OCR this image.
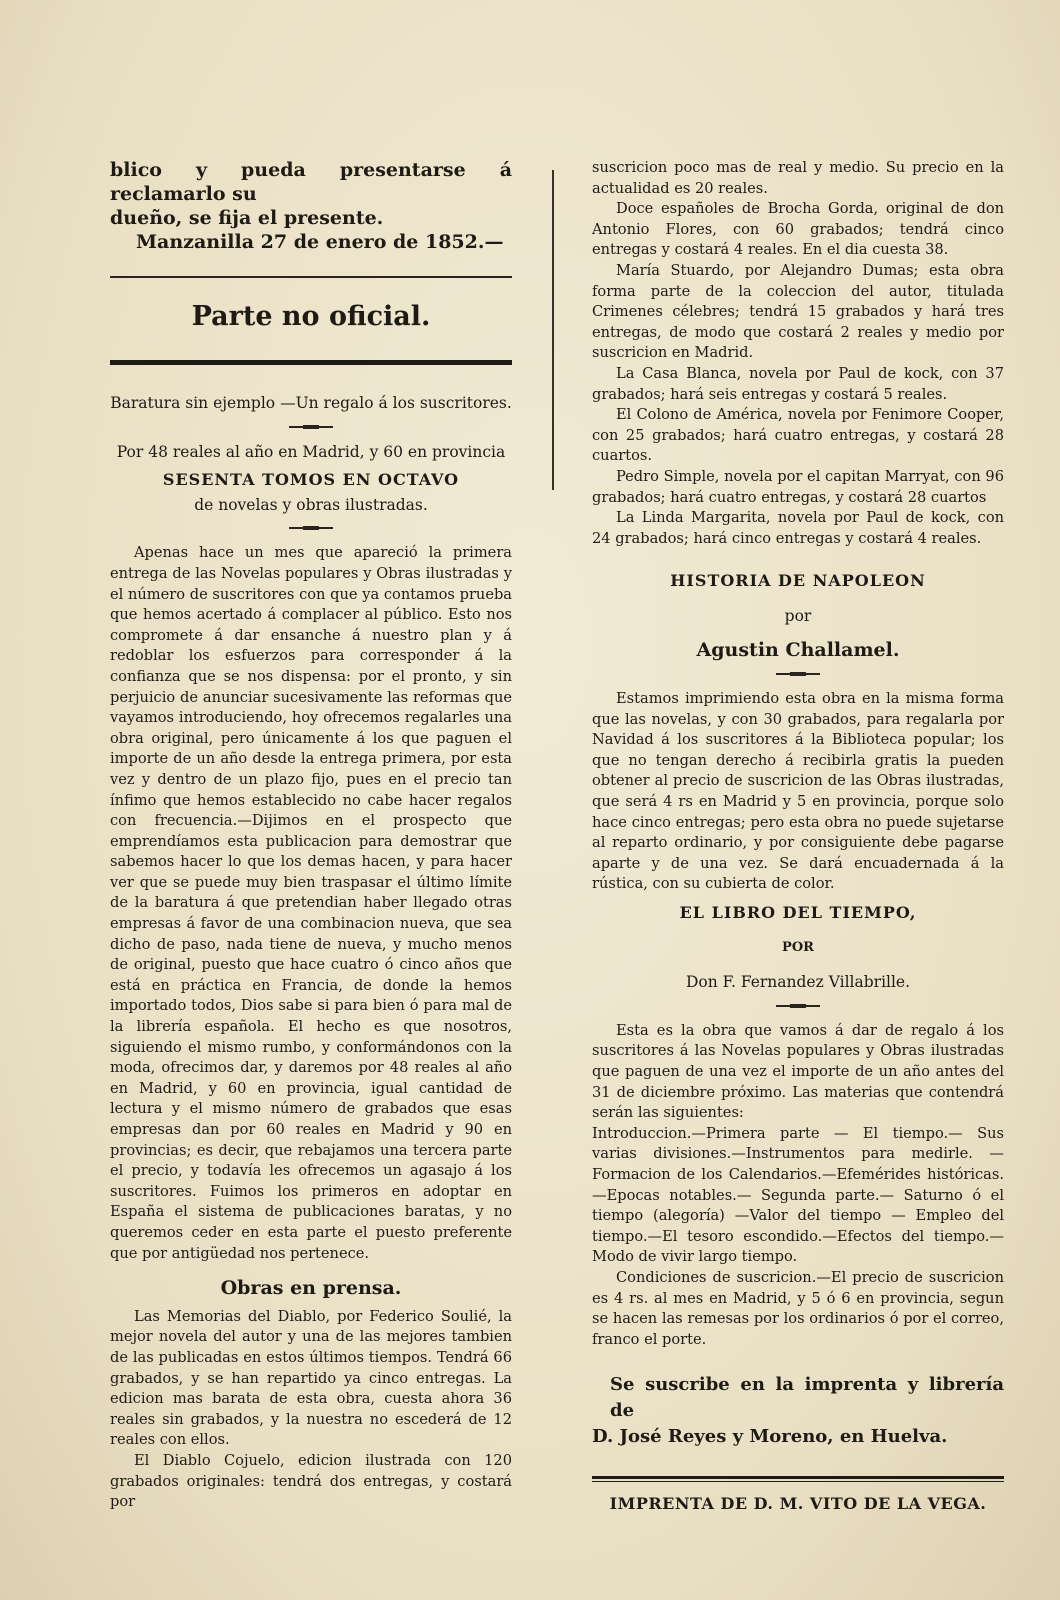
blico y pueda presentarse á reclamarlo su
dueño, se fija el presente.
Manzanilla 27 de enero de 1852.—
Parte no oficial.
Baratura sin ejemplo —Un regalo á los suscritores.
Por 48 reales al año en Madrid, y 60 en provincia
SESENTA TOMOS EN OCTAVO
de novelas y obras ilustradas.

Apenas hace un mes que apareció la primera entrega de las Novelas populares y Obras ilustradas y el número de suscritores con que ya contamos prueba que hemos acertado á complacer al público. Esto nos compromete á dar ensanche á nuestro plan y á redoblar los esfuerzos para corresponder á la confianza que se nos dispensa: por el pronto, y sin perjuicio de anunciar sucesivamente las reformas que vayamos introduciendo, hoy ofrecemos regalarles una obra original, pero únicamente á los que paguen el importe de un año desde la entrega primera, por esta vez y dentro de un plazo fijo, pues en el precio tan ínfimo que hemos establecido no cabe hacer regalos con frecuencia.—Dijimos en el prospecto que emprendíamos esta publicacion para demostrar que sabemos hacer lo que los demas hacen, y para hacer ver que se puede muy bien traspasar el último límite de la baratura á que pretendian haber llegado otras empresas á favor de una combinacion nueva, que sea dicho de paso, nada tiene de nueva, y mucho menos de original, puesto que hace cuatro ó cinco años que está en práctica en Francia, de donde la hemos importado todos, Dios sabe si para bien ó para mal de la librería española. El hecho es que nosotros, siguiendo el mismo rumbo, y conformándonos con la moda, ofrecimos dar, y daremos por 48 reales al año en Madrid, y 60 en provincia, igual cantidad de lectura y el mismo número de grabados que esas empresas dan por 60 reales en Madrid y 90 en provincias; es decir, que rebajamos una tercera parte el precio, y todavía les ofrecemos un agasajo á los suscritores. Fuimos los primeros en adoptar en España el sistema de publicaciones baratas, y no queremos ceder en esta parte el puesto preferente que por antigüedad nos pertenece.

Obras en prensa.

Las Memorias del Diablo, por Federico Soulié, la mejor novela del autor y una de las mejores tambien de las publicadas en estos últimos tiempos. Tendrá 66 grabados, y se han repartido ya cinco entregas. La edicion mas barata de esta obra, cuesta ahora 36 reales sin grabados, y la nuestra no escederá de 12 reales con ellos.

El Diablo Cojuelo, edicion ilustrada con 120 grabados originales: tendrá dos entregas, y costará por

suscricion poco mas de real y medio. Su precio en la actualidad es 20 reales.

Doce españoles de Brocha Gorda, original de don Antonio Flores, con 60 grabados; tendrá cinco entregas y costará 4 reales. En el dia cuesta 38.

María Stuardo, por Alejandro Dumas; esta obra forma parte de la coleccion del autor, titulada Crimenes célebres; tendrá 15 grabados y hará tres entregas, de modo que costará 2 reales y medio por suscricion en Madrid.

La Casa Blanca, novela por Paul de kock, con 37 grabados; hará seis entregas y costará 5 reales.

El Colono de América, novela por Fenimore Cooper, con 25 grabados; hará cuatro entregas, y costará 28 cuartos.

Pedro Simple, novela por el capitan Marryat, con 96 grabados; hará cuatro entregas, y costará 28 cuartos

La Linda Margarita, novela por Paul de kock, con 24 grabados; hará cinco entregas y costará 4 reales.

HISTORIA DE NAPOLEON
por
Agustin Challamel.

Estamos imprimiendo esta obra en la misma forma que las novelas, y con 30 grabados, para regalarla por Navidad á los suscritores á la Biblioteca popular; los que no tengan derecho á recibirla gratis la pueden obtener al precio de suscricion de las Obras ilustradas, que será 4 rs en Madrid y 5 en provincia, porque solo hace cinco entregas; pero esta obra no puede sujetarse al reparto ordinario, y por consiguiente debe pagarse aparte y de una vez. Se dará encuadernada á la rústica, con su cubierta de color.

EL LIBRO DEL TIEMPO,
POR
Don F. Fernandez Villabrille.

Esta es la obra que vamos á dar de regalo á los suscritores á las Novelas populares y Obras ilustradas que paguen de una vez el importe de un año antes del 31 de diciembre próximo. Las materias que contendrá serán las siguientes:

Introduccion.—Primera parte — El tiempo.— Sus varias divisiones.—Instrumentos para medirle. —Formacion de los Calendarios.—Efemérides históricas.—Epocas notables.— Segunda parte.— Saturno ó el tiempo (alegoría) —Valor del tiempo — Empleo del tiempo.—El tesoro escondido.—Efectos del tiempo.—Modo de vivir largo tiempo.

Condiciones de suscricion.—El precio de suscricion es 4 rs. al mes en Madrid, y 5 ó 6 en provincia, segun se hacen las remesas por los ordinarios ó por el correo, franco el porte.

Se suscribe en la imprenta y librería de
D. José Reyes y Moreno, en Huelva.
IMPRENTA DE D. M. VITO DE LA VEGA.
